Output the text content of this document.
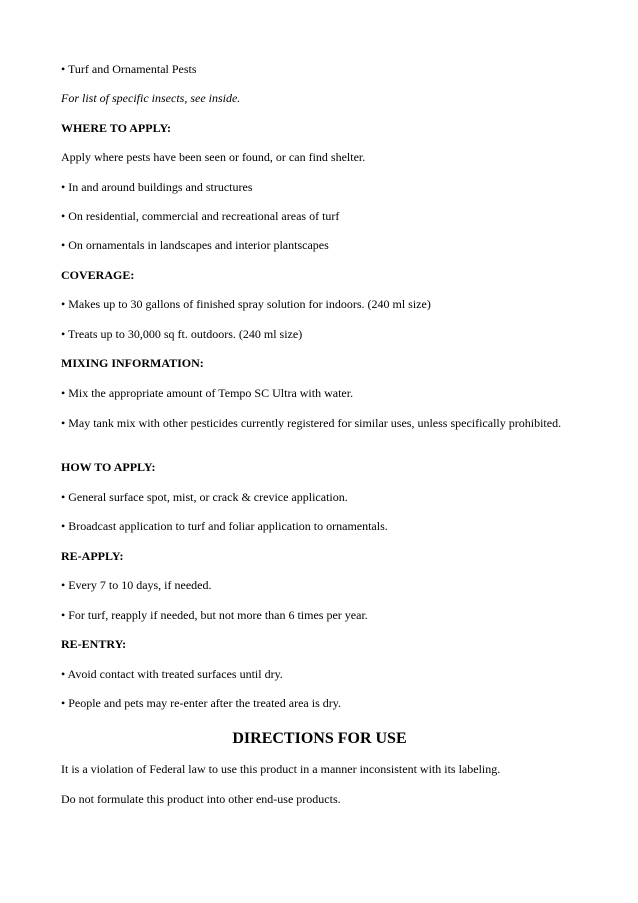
• Turf and Ornamental Pests
For list of specific insects, see inside.
WHERE TO APPLY:
Apply where pests have been seen or found, or can find shelter.
• In and around buildings and structures
• On residential, commercial and recreational areas of turf
• On ornamentals in landscapes and interior plantscapes
COVERAGE:
• Makes up to 30 gallons of finished spray solution for indoors. (240 ml size)
• Treats up to 30,000 sq ft. outdoors. (240 ml size)
MIXING INFORMATION:
• Mix the appropriate amount of Tempo SC Ultra with water.
• May tank mix with other pesticides currently registered for similar uses, unless specifically prohibited.
HOW TO APPLY:
• General surface spot, mist, or crack & crevice application.
• Broadcast application to turf and foliar application to ornamentals.
RE-APPLY:
• Every 7 to 10 days, if needed.
• For turf, reapply if needed, but not more than 6 times per year.
RE-ENTRY:
• Avoid contact with treated surfaces until dry.
• People and pets may re-enter after the treated area is dry.
DIRECTIONS FOR USE
It is a violation of Federal law to use this product in a manner inconsistent with its labeling.
Do not formulate this product into other end-use products.
